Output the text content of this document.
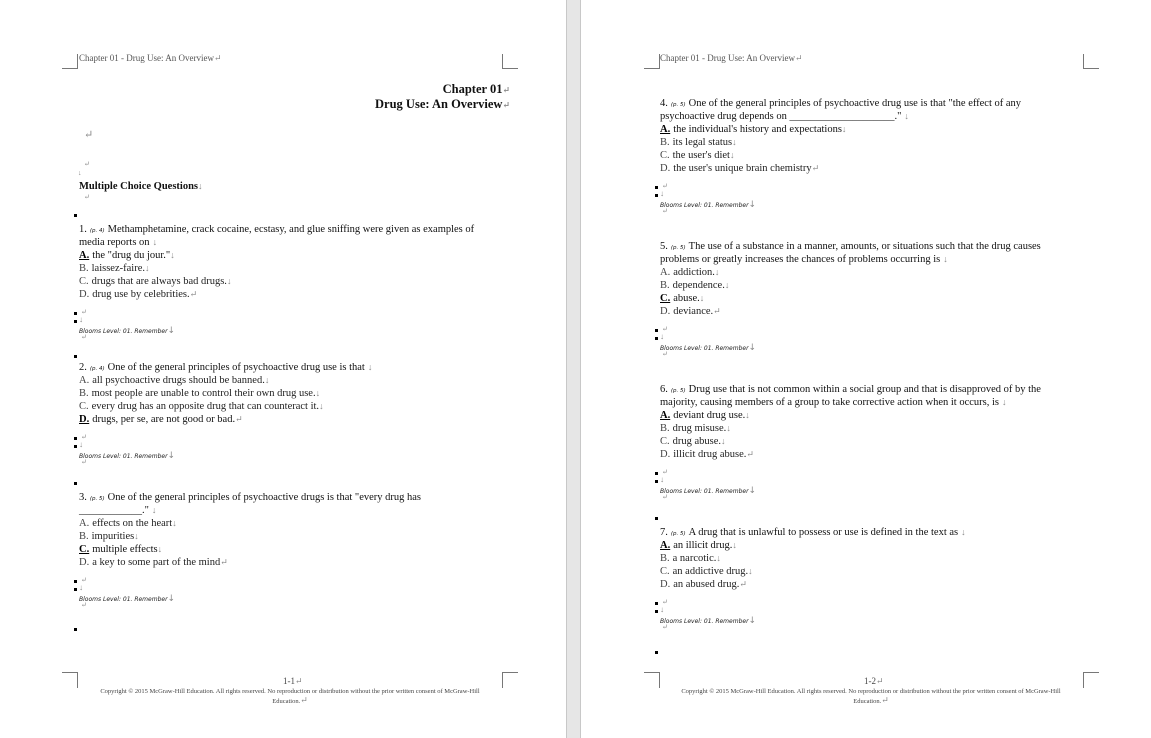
Chapter 01 - Drug Use: An Overview↵
Chapter 01↵
Drug Use: An Overview↵
↵
↵
↓
Multiple Choice Questions↓
↵
1. (p. 4) Methamphetamine, crack cocaine, ecstasy, and glue sniffing were given as examples of
media reports on ↓
A. the "drug du jour."↓
B. laissez-faire.↓
C. drugs that are always bad drugs.↓
D. drug use by celebrities.↵
↵
↓
Blooms Level: 01. Remember↓
↵
2. (p. 4) One of the general principles of psychoactive drug use is that ↓
A. all psychoactive drugs should be banned.↓
B. most people are unable to control their own drug use.↓
C. every drug has an opposite drug that can counteract it.↓
D. drugs, per se, are not good or bad.↵
↵
↓
Blooms Level: 01. Remember↓
↵
3. (p. 5) One of the general principles of psychoactive drugs is that "every drug has
____________." ↓
A. effects on the heart↓
B. impurities↓
C. multiple effects↓
D. a key to some part of the mind↵
↵
↓
Blooms Level: 01. Remember↓
↵
1-1↵
Copyright © 2015 McGraw-Hill Education. All rights reserved. No reproduction or distribution without the prior written consent of McGraw-Hill Education.↵
Chapter 01 - Drug Use: An Overview↵
4. (p. 5) One of the general principles of psychoactive drug use is that "the effect of any
psychoactive drug depends on ____________________." ↓
A. the individual's history and expectations↓
B. its legal status↓
C. the user's diet↓
D. the user's unique brain chemistry↵
↵
↓
Blooms Level: 01. Remember↓
↵
5. (p. 5) The use of a substance in a manner, amounts, or situations such that the drug causes
problems or greatly increases the chances of problems occurring is ↓
A. addiction.↓
B. dependence.↓
C. abuse.↓
D. deviance.↵
↵
↓
Blooms Level: 01. Remember↓
↵
6. (p. 5) Drug use that is not common within a social group and that is disapproved of by the
majority, causing members of a group to take corrective action when it occurs, is ↓
A. deviant drug use.↓
B. drug misuse.↓
C. drug abuse.↓
D. illicit drug abuse.↵
↵
↓
Blooms Level: 01. Remember↓
↵
7. (p. 5) A drug that is unlawful to possess or use is defined in the text as ↓
A. an illicit drug.↓
B. a narcotic.↓
C. an addictive drug.↓
D. an abused drug.↵
↵
↓
Blooms Level: 01. Remember↓
↵
1-2↵
Copyright © 2015 McGraw-Hill Education. All rights reserved. No reproduction or distribution without the prior written consent of McGraw-Hill Education.↵
